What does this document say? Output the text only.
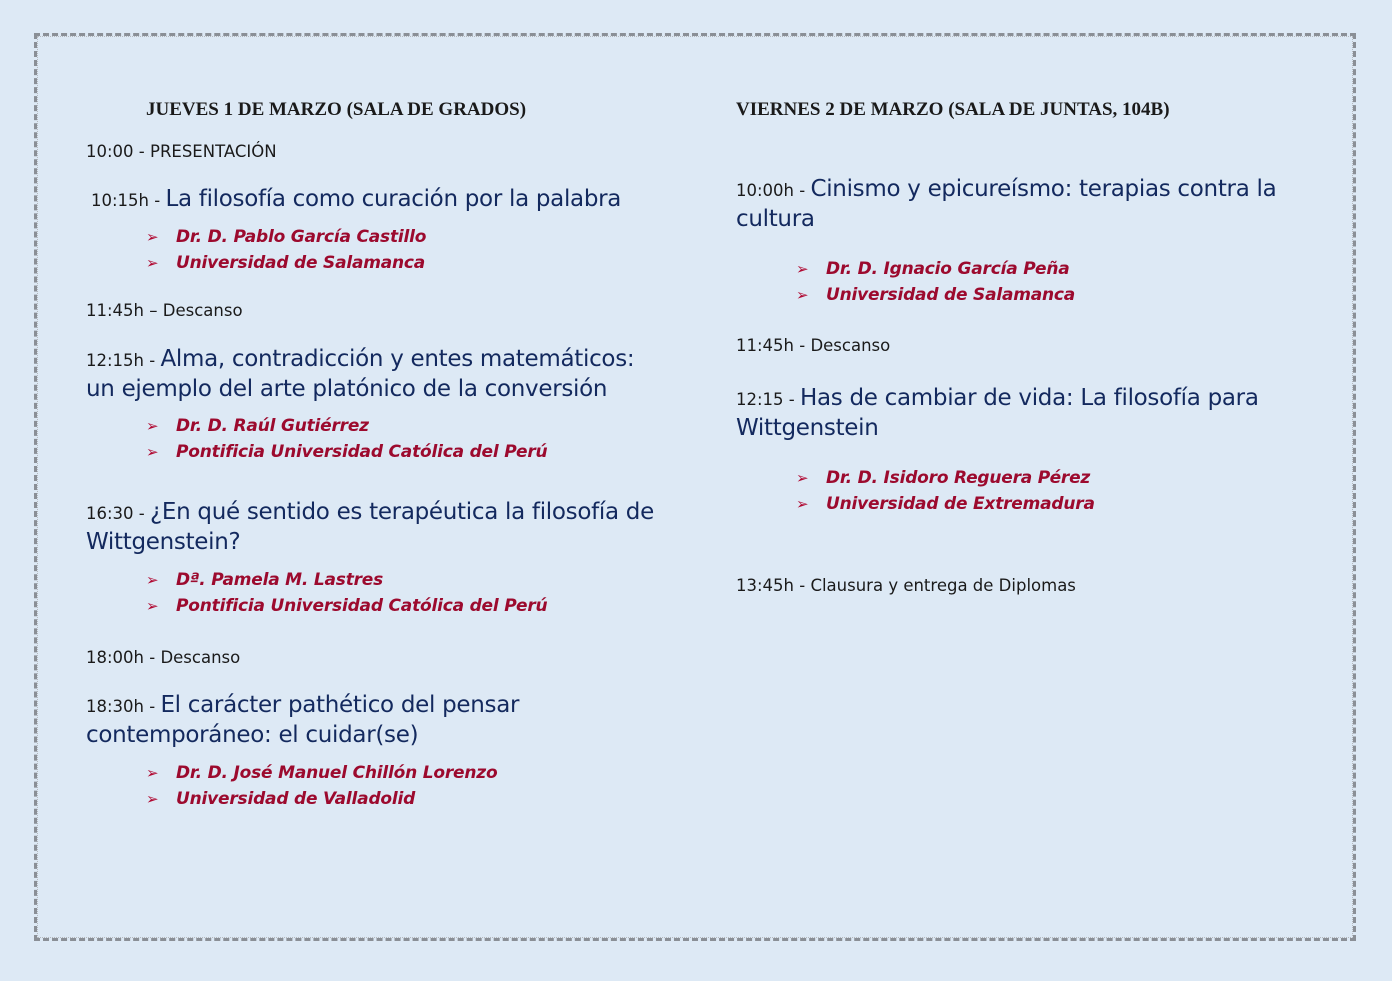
JUEVES 1 DE MARZO (SALA DE GRADOS)
10:00 - PRESENTACIÓN
10:15h - La filosofía como curación por la palabra
➢ Dr. D. Pablo García Castillo
➢ Universidad de Salamanca
11:45h – Descanso
12:15h - Alma, contradicción y entes matemáticos: un ejemplo del arte platónico de la conversión
➢ Dr. D. Raúl Gutiérrez
➢ Pontificia Universidad Católica del Perú
16:30 - ¿En qué sentido es terapéutica la filosofía de Wittgenstein?
➢ Dª. Pamela M. Lastres
➢ Pontificia Universidad Católica del Perú
18:00h - Descanso
18:30h - El carácter pathético del pensar contemporáneo: el cuidar(se)
➢ Dr. D. José Manuel Chillón Lorenzo
➢ Universidad de Valladolid
VIERNES 2 DE MARZO (SALA DE JUNTAS, 104B)
10:00h - Cinismo y epicureísmo: terapias contra la cultura
➢ Dr. D. Ignacio García Peña
➢ Universidad de Salamanca
11:45h - Descanso
12:15 - Has de cambiar de vida: La filosofía para Wittgenstein
➢ Dr. D. Isidoro Reguera Pérez
➢ Universidad de Extremadura
13:45h - Clausura y entrega de Diplomas
